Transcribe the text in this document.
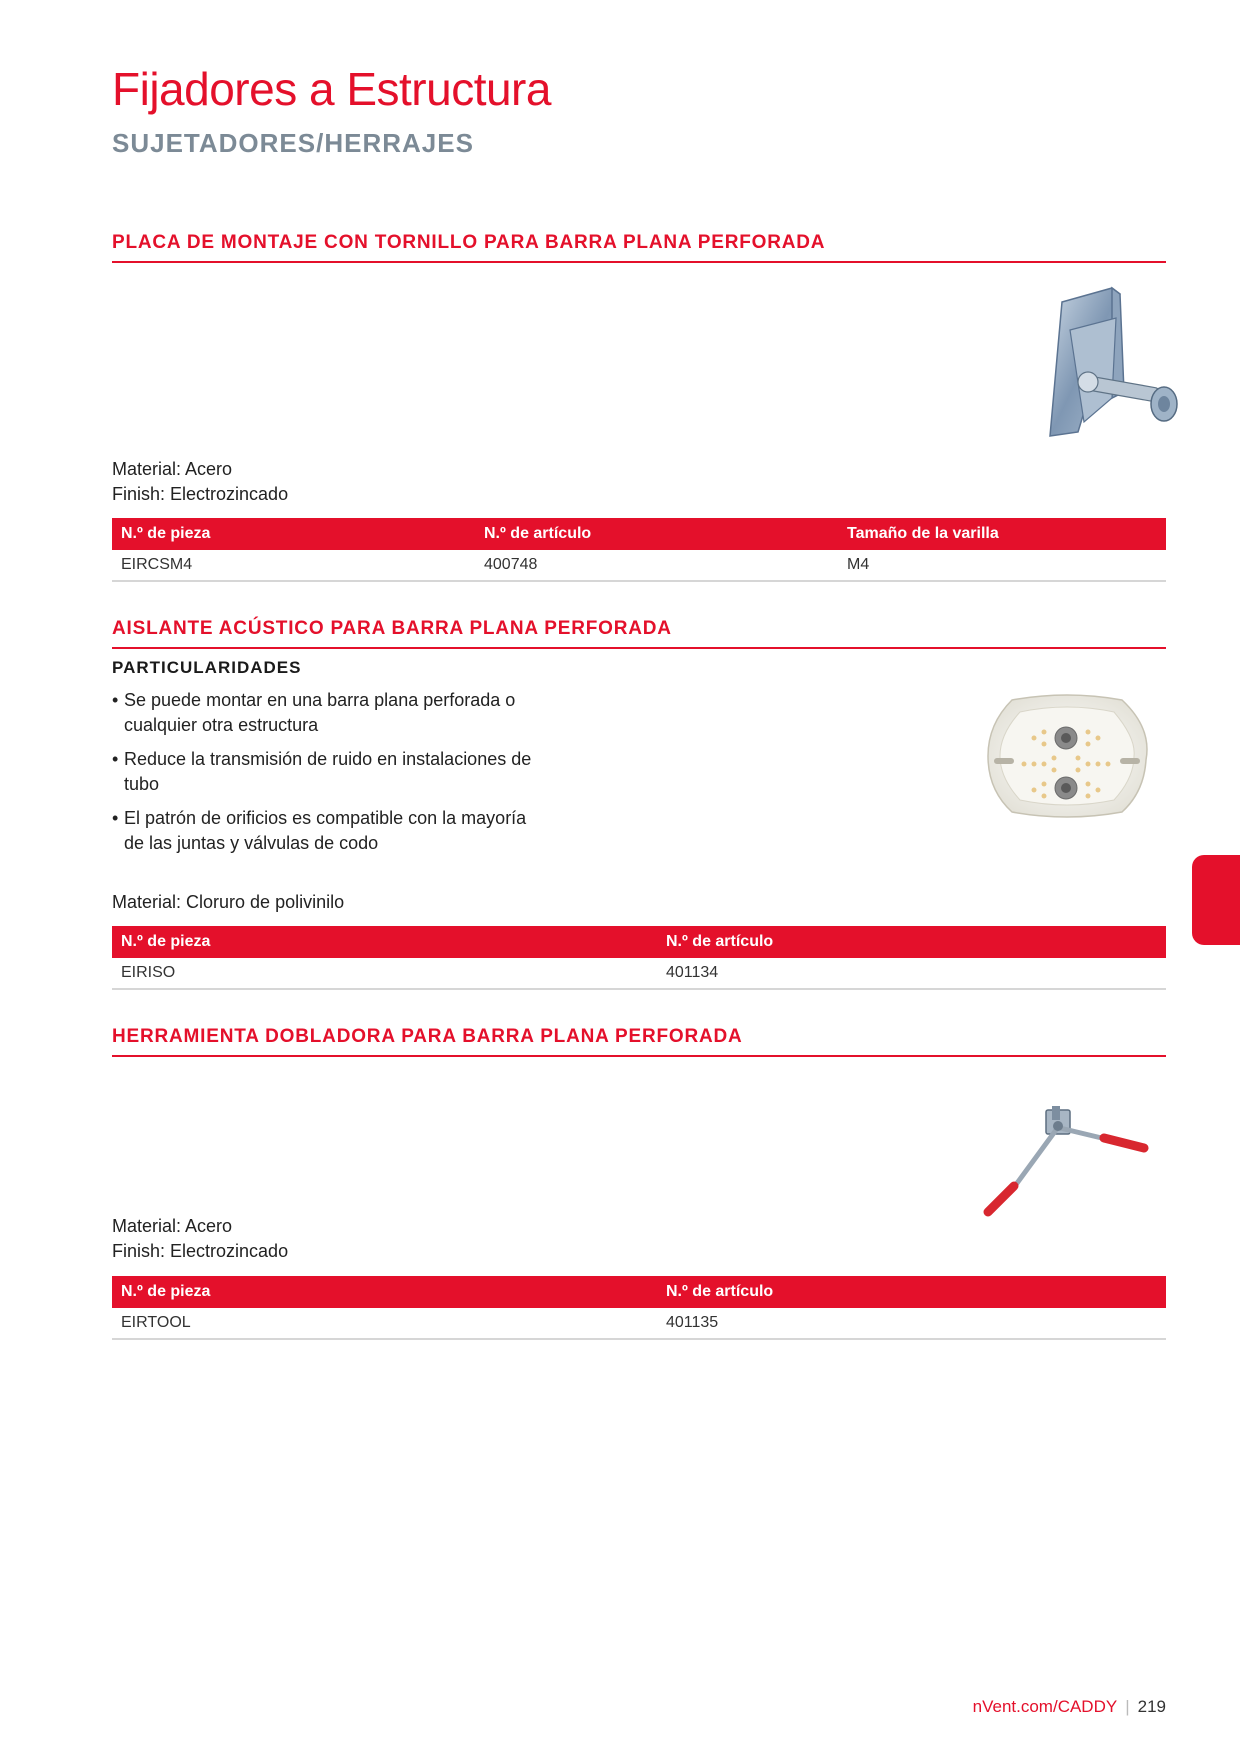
Fijadores a Estructura
SUJETADORES/HERRAJES
PLACA DE MONTAJE CON TORNILLO PARA BARRA PLANA PERFORADA
Material: Acero
Finish: Electrozincado
N.º de pieza	N.º de artículo	Tamaño de la varilla
EIRCSM4	400748	M4
AISLANTE ACÚSTICO PARA BARRA PLANA PERFORADA
PARTICULARIDADES
• Se puede montar en una barra plana perforada o cualquier otra estructura
• Reduce la transmisión de ruido en instalaciones de tubo
• El patrón de orificios es compatible con la mayoría de las juntas y válvulas de codo
Material: Cloruro de polivinilo
N.º de pieza	N.º de artículo
EIRISO	401134
HERRAMIENTA DOBLADORA PARA BARRA PLANA PERFORADA
Material: Acero
Finish: Electrozincado
N.º de pieza	N.º de artículo
EIRTOOL	401135
nVent.com/CADDY | 219
